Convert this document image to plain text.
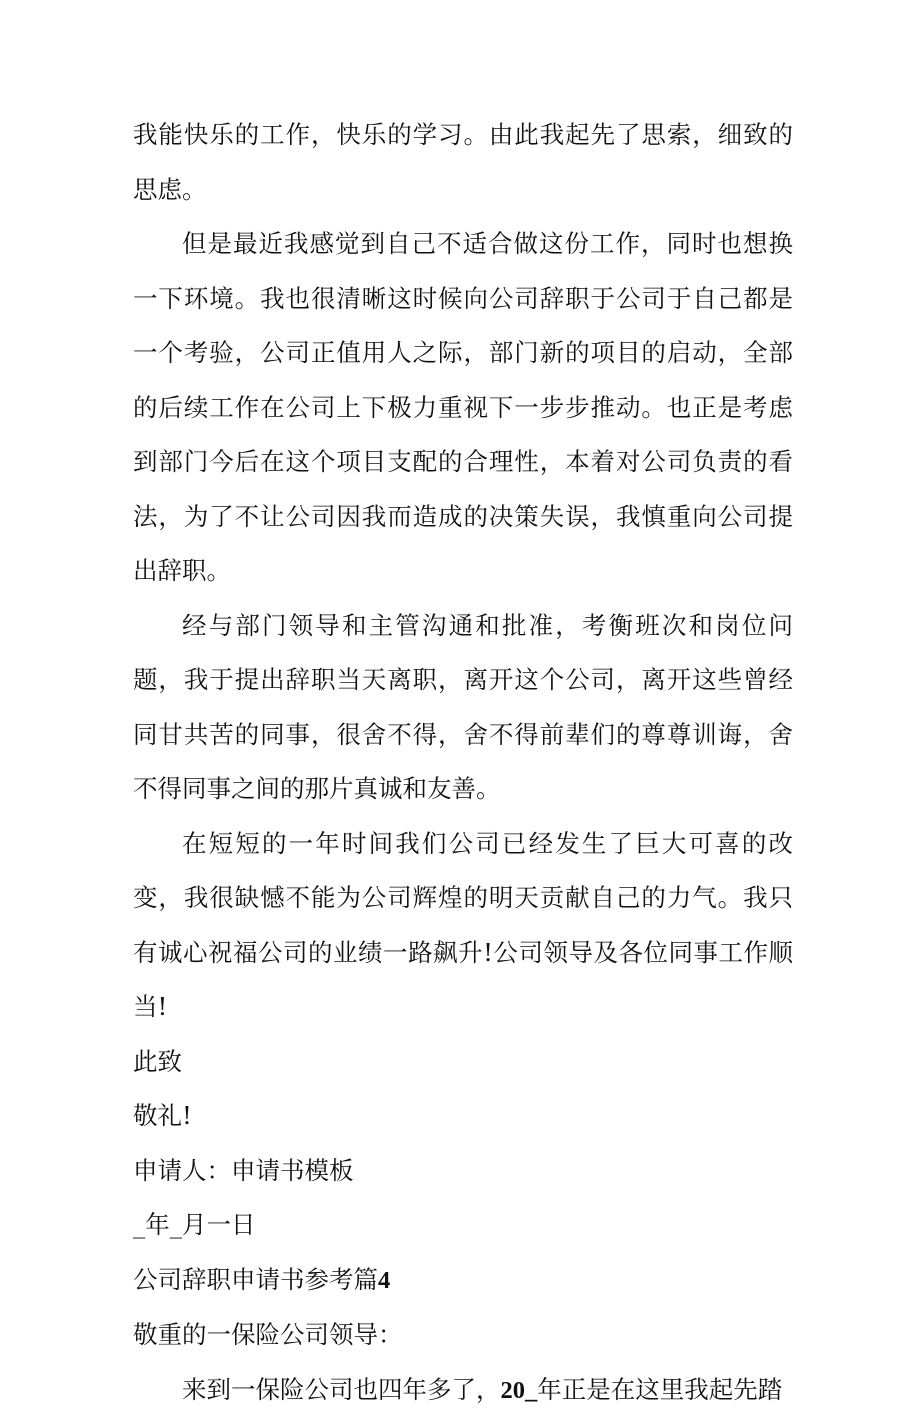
我能快乐的工作，快乐的学习。由此我起先了思索，细致的思虑。

但是最近我感觉到自己不适合做这份工作，同时也想换一下环境。我也很清晰这时候向公司辞职于公司于自己都是一个考验，公司正值用人之际，部门新的项目的启动，全部的后续工作在公司上下极力重视下一步步推动。也正是考虑到部门今后在这个项目支配的合理性，本着对公司负责的看法，为了不让公司因我而造成的决策失误，我慎重向公司提出辞职。

经与部门领导和主管沟通和批准，考衡班次和岗位问题，我于提出辞职当天离职，离开这个公司，离开这些曾经同甘共苦的同事，很舍不得，舍不得前辈们的尊尊训诲，舍不得同事之间的那片真诚和友善。

在短短的一年时间我们公司已经发生了巨大可喜的改变，我很缺憾不能为公司辉煌的明天贡献自己的力气。我只有诚心祝福公司的业绩一路飙升!公司领导及各位同事工作顺当!

此致

敬礼!

申请人：申请书模板

_年_月一日

公司辞职申请书参考篇4

敬重的一保险公司领导：

来到一保险公司也四年多了，20_年正是在这里我起先踏
